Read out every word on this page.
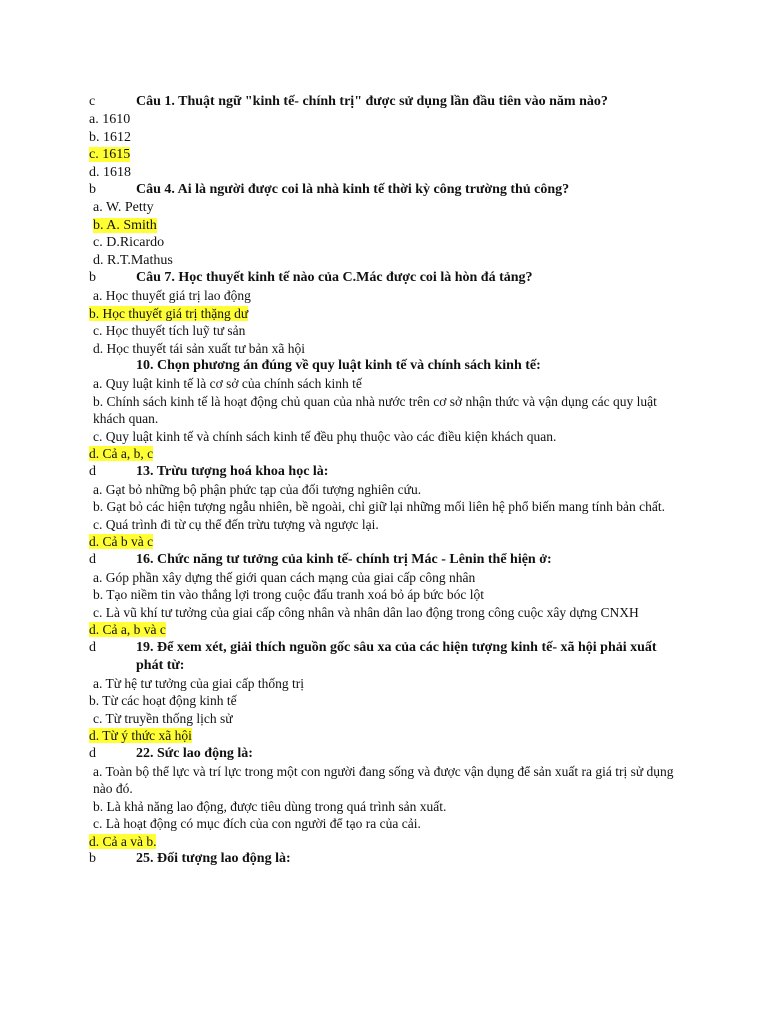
c	Câu 1. Thuật ngữ "kinh tế- chính trị" được sử dụng lần đầu tiên vào năm nào?
a. 1610
b. 1612
c. 1615
d. 1618
b	Câu 4. Ai là người được coi là nhà kinh tế thời kỳ công trường thủ công?
a. W. Petty
b. A. Smith
c. D.Ricardo
d. R.T.Mathus
b	Câu 7. Học thuyết kinh tế nào của C.Mác được coi là hòn đá tảng?
a. Học thuyết giá trị lao động
b. Học thuyết giá trị thặng dư
c. Học thuyết tích luỹ tư sản
d. Học thuyết tái sản xuất tư bản xã hội
10. Chọn phương án đúng về quy luật kinh tế và chính sách kinh tế:
a. Quy luật kinh tế là cơ sở của chính sách kinh tế
b. Chính sách kinh tế là hoạt động chủ quan của nhà nước trên cơ sở nhận thức và vận dụng các quy luật khách quan.
c. Quy luật kinh tế và chính sách kinh tế đều phụ thuộc vào các điều kiện khách quan.
d. Cả a, b, c
d	13. Trừu tượng hoá khoa học là:
a. Gạt bỏ những bộ phận phức tạp của đối tượng nghiên cứu.
b. Gạt bỏ các hiện tượng ngẫu nhiên, bề ngoài, chỉ giữ lại những mối liên hệ phổ biến mang tính bản chất.
c. Quá trình đi từ cụ thể đến trừu tượng và ngược lại.
d. Cả b và c
d	16. Chức năng tư tưởng của kinh tế- chính trị Mác - Lênin thể hiện ở:
a. Góp phần xây dựng thế giới quan cách mạng của giai cấp công nhân
b. Tạo niềm tin vào thắng lợi trong cuộc đấu tranh xoá bỏ áp bức bóc lột
c. Là vũ khí tư tưởng của giai cấp công nhân và nhân dân lao động trong công cuộc xây dựng CNXH
d. Cả a, b và c
d	19. Để xem xét, giải thích nguồn gốc sâu xa của các hiện tượng kinh tế- xã hội phải xuất phát từ:
a. Từ hệ tư tưởng của giai cấp thống trị
b. Từ các hoạt động kinh tế
c. Từ truyền thống lịch sử
d. Từ ý thức xã hội
d	22. Sức lao động là:
a. Toàn bộ thể lực và trí lực trong một con người đang sống và được vận dụng để sản xuất ra giá trị sử dụng nào đó.
b. Là khả năng lao động, được tiêu dùng trong quá trình sản xuất.
c. Là hoạt động có mục đích của con người để tạo ra của cải.
d. Cả a và b.
b	25. Đối tượng lao động là:
